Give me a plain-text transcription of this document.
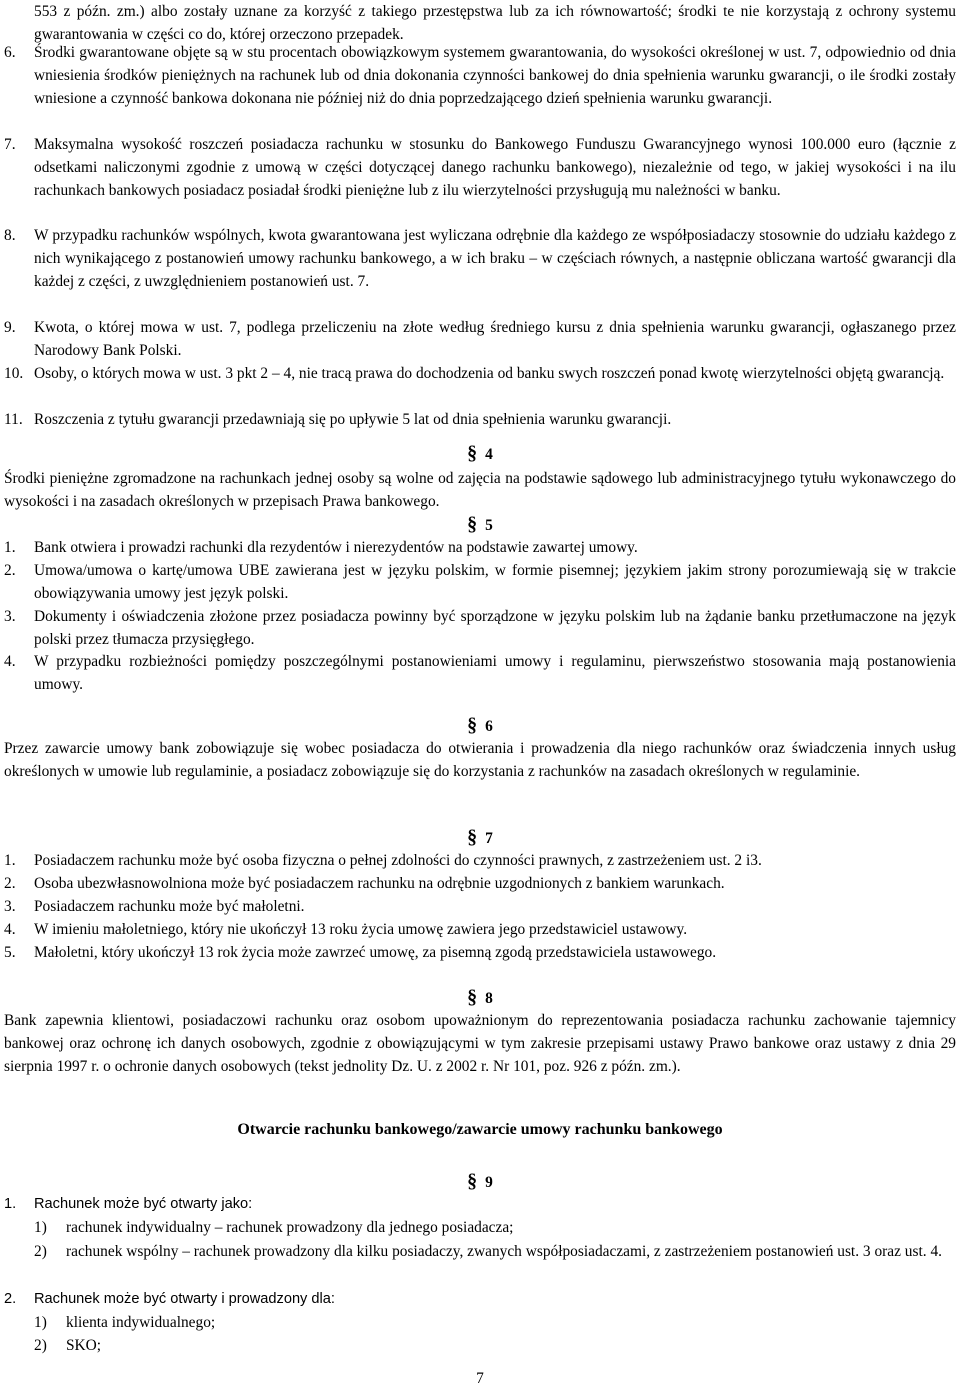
553 z późn. zm.) albo zostały uznane za korzyść z takiego przestępstwa lub za ich równowartość; środki te nie korzystają z ochrony systemu gwarantowania w części co do, której orzeczono przepadek.

6. Środki gwarantowane objęte są w stu procentach obowiązkowym systemem gwarantowania, do wysokości określonej w ust. 7, odpowiednio od dnia wniesienia środków pieniężnych na rachunek lub od dnia dokonania czynności bankowej do dnia spełnienia warunku gwarancji, o ile środki zostały wniesione a czynność bankowa dokonana nie później niż do dnia poprzedzającego dzień spełnienia warunku gwarancji.

7. Maksymalna wysokość roszczeń posiadacza rachunku w stosunku do Bankowego Funduszu Gwarancyjnego wynosi 100.000 euro (łącznie z odsetkami naliczonymi zgodnie z umową w części dotyczącej danego rachunku bankowego), niezależnie od tego, w jakiej wysokości i na ilu rachunkach bankowych posiadacz posiadał środki pieniężne lub z ilu wierzytelności przysługują mu należności w banku.

8. W przypadku rachunków wspólnych, kwota gwarantowana jest wyliczana odrębnie dla każdego ze współposiadaczy stosownie do udziału każdego z nich wynikającego z postanowień umowy rachunku bankowego, a w ich braku – w częściach równych, a następnie obliczana wartość gwarancji dla każdej z części, z uwzględnieniem postanowień ust. 7.

9. Kwota, o której mowa w ust. 7, podlega przeliczeniu na złote według średniego kursu z dnia spełnienia warunku gwarancji, ogłaszanego przez Narodowy Bank Polski.

10. Osoby, o których mowa w ust. 3 pkt 2 – 4, nie tracą prawa do dochodzenia od banku swych roszczeń ponad kwotę wierzytelności objętą gwarancją.

11. Roszczenia z tytułu gwarancji przedawniają się po upływie 5 lat od dnia spełnienia warunku gwarancji.

§ 4

Środki pieniężne zgromadzone na rachunkach jednej osoby są wolne od zajęcia na podstawie sądowego lub administracyjnego tytułu wykonawczego do wysokości i na zasadach określonych w przepisach Prawa bankowego.

§ 5

1. Bank otwiera i prowadzi rachunki dla rezydentów i nierezydentów na podstawie zawartej umowy.

2. Umowa/umowa o kartę/umowa UBE zawierana jest w języku polskim, w formie pisemnej; językiem jakim strony porozumiewają się w trakcie obowiązywania umowy jest język polski.

3. Dokumenty i oświadczenia złożone przez posiadacza powinny być sporządzone w języku polskim lub na żądanie banku przetłumaczone na język polski przez tłumacza przysięgłego.

4. W przypadku rozbieżności pomiędzy poszczególnymi postanowieniami umowy i regulaminu, pierwszeństwo stosowania mają postanowienia umowy.

§ 6

Przez zawarcie umowy bank zobowiązuje się wobec posiadacza do otwierania i prowadzenia dla niego rachunków oraz świadczenia innych usług określonych w umowie lub regulaminie, a posiadacz zobowiązuje się do korzystania z rachunków na zasadach określonych w regulaminie.

§ 7

1. Posiadaczem rachunku może być osoba fizyczna o pełnej zdolności do czynności prawnych, z zastrzeżeniem ust. 2 i3.

2. Osoba ubezwłasnowolniona może być posiadaczem rachunku na odrębnie uzgodnionych z bankiem warunkach.

3. Posiadaczem rachunku może być małoletni.

4. W imieniu małoletniego, który nie ukończył 13 roku życia umowę zawiera jego przedstawiciel ustawowy.

5. Małoletni, który ukończył 13 rok życia może zawrzeć umowę, za pisemną zgodą przedstawiciela ustawowego.

§ 8

Bank zapewnia klientowi, posiadaczowi rachunku oraz osobom upoważnionym do reprezentowania posiadacza rachunku zachowanie tajemnicy bankowej oraz ochronę ich danych osobowych, zgodnie z obowiązującymi w tym zakresie przepisami ustawy Prawo bankowe oraz ustawy z dnia 29 sierpnia 1997 r. o ochronie danych osobowych (tekst jednolity Dz. U. z 2002 r. Nr 101, poz. 926 z późn. zm.).

Otwarcie rachunku bankowego/zawarcie umowy rachunku bankowego

§ 9

1. Rachunek może być otwarty jako:

1) rachunek indywidualny – rachunek prowadzony dla jednego posiadacza;

2) rachunek wspólny – rachunek prowadzony dla kilku posiadaczy, zwanych współposiadaczami, z zastrzeżeniem postanowień ust. 3 oraz ust. 4.

2. Rachunek może być otwarty i prowadzony dla:

1) klienta indywidualnego;

2) SKO;

7
